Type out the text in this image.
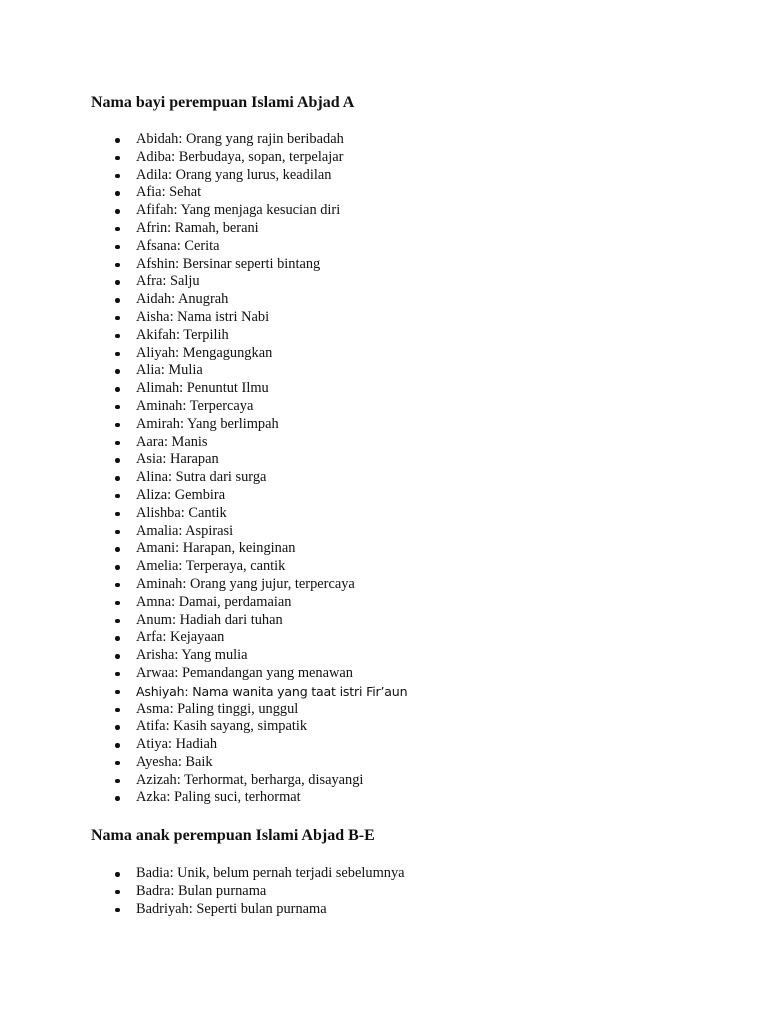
Nama bayi perempuan Islami Abjad A
Abidah: Orang yang rajin beribadah
Adiba: Berbudaya, sopan, terpelajar
Adila: Orang yang lurus, keadilan
Afia: Sehat
Afifah: Yang menjaga kesucian diri
Afrin: Ramah, berani
Afsana: Cerita
Afshin: Bersinar seperti bintang
Afra: Salju
Aidah: Anugrah
Aisha: Nama istri Nabi
Akifah: Terpilih
Aliyah: Mengagungkan
Alia: Mulia
Alimah: Penuntut Ilmu
Aminah: Terpercaya
Amirah: Yang berlimpah
Aara: Manis
Asia: Harapan
Alina: Sutra dari surga
Aliza: Gembira
Alishba: Cantik
Amalia: Aspirasi
Amani: Harapan, keinginan
Amelia: Terperaya, cantik
Aminah: Orang yang jujur, terpercaya
Amna: Damai, perdamaian
Anum: Hadiah dari tuhan
Arfa: Kejayaan
Arisha: Yang mulia
Arwaa: Pemandangan yang menawan
Ashiyah: Nama wanita yang taat istri Fir’aun
Asma: Paling tinggi, unggul
Atifa: Kasih sayang, simpatik
Atiya: Hadiah
Ayesha: Baik
Azizah: Terhormat, berharga, disayangi
Azka: Paling suci, terhormat
Nama anak perempuan Islami Abjad B-E
Badia: Unik, belum pernah terjadi sebelumnya
Badra: Bulan purnama
Badriyah: Seperti bulan purnama
